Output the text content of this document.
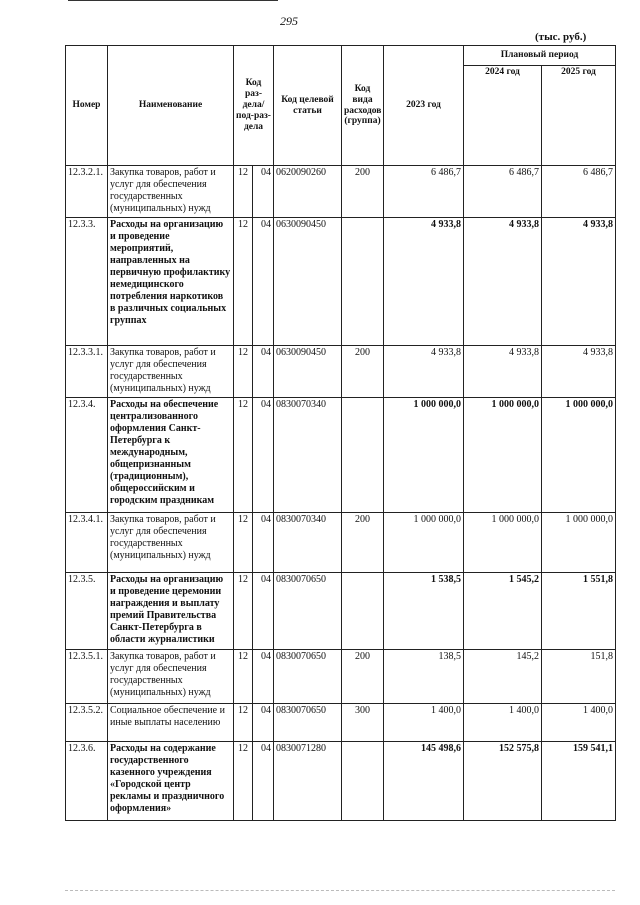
295
(тыс. руб.)
Номер	Наименование	Код раз-дела/ под-раз-дела		Код целевой статьи	Код вида расходов (группа)	2023 год	Плановый период	
							2024 год	2025 год
12.3.2.1.	Закупка товаров, работ и услуг для обеспечения государственных (муниципальных) нужд	12	04	0620090260	200	6 486,7	6 486,7	6 486,7
12.3.3.	Расходы на организацию и проведение мероприятий, направленных на первичную профилактику немедицинского потребления наркотиков в различных социальных группах	12	04	0630090450		4 933,8	4 933,8	4 933,8
12.3.3.1.	Закупка товаров, работ и услуг для обеспечения государственных (муниципальных) нужд	12	04	0630090450	200	4 933,8	4 933,8	4 933,8
12.3.4.	Расходы на обеспечение централизованного оформления Санкт-Петербурга к международным, общепризнанным (традиционным), общероссийским и городским праздникам	12	04	0830070340		1 000 000,0	1 000 000,0	1 000 000,0
12.3.4.1.	Закупка товаров, работ и услуг для обеспечения государственных (муниципальных) нужд	12	04	0830070340	200	1 000 000,0	1 000 000,0	1 000 000,0
12.3.5.	Расходы на организацию и проведение церемонии награждения и выплату премий Правительства Санкт-Петербурга в области журналистики	12	04	0830070650		1 538,5	1 545,2	1 551,8
12.3.5.1.	Закупка товаров, работ и услуг для обеспечения государственных (муниципальных) нужд	12	04	0830070650	200	138,5	145,2	151,8
12.3.5.2.	Социальное обеспечение и иные выплаты населению	12	04	0830070650	300	1 400,0	1 400,0	1 400,0
12.3.6.	Расходы на содержание государственного казенного учреждения «Городской центр рекламы и праздничного оформления»	12	04	0830071280		145 498,6	152 575,8	159 541,1
